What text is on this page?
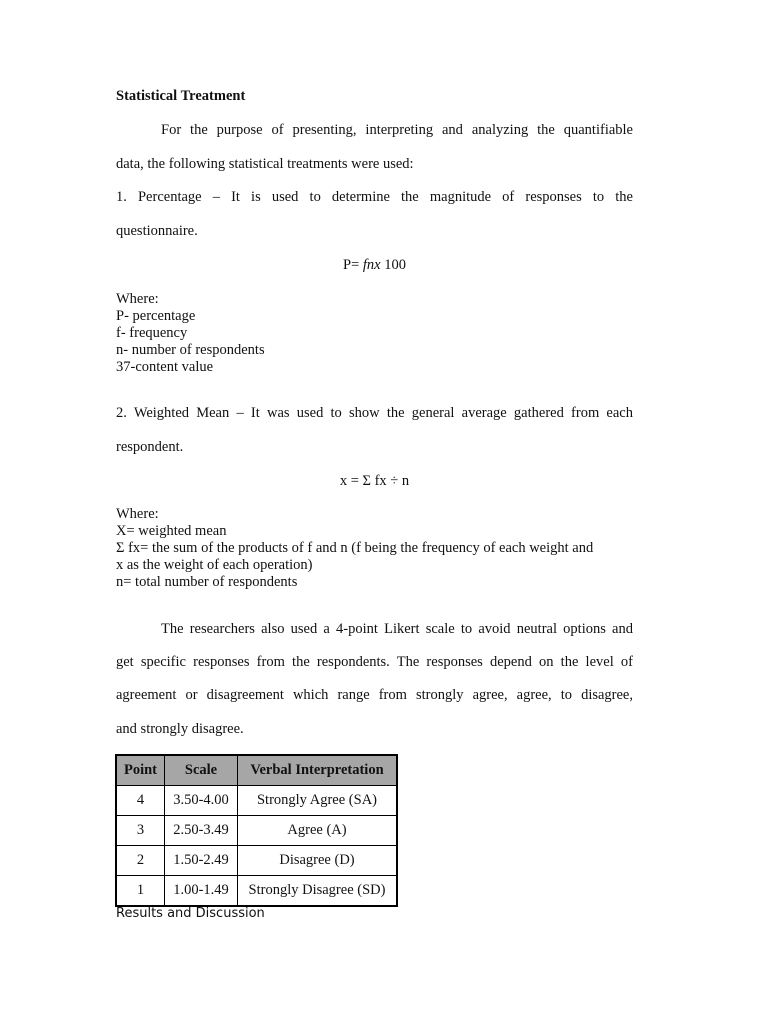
Statistical Treatment
For the purpose of presenting, interpreting and analyzing the quantifiable
data, the following statistical treatments were used:
1. Percentage – It is used to determine the magnitude of responses to the
questionnaire.
P= fnx 100
Where:
P- percentage
f- frequency
n- number of respondents
37-content value
2. Weighted Mean – It was used to show the general average gathered from each
respondent.
x = Σ fx ÷ n
Where:
X= weighted mean
Σ fx= the sum of the products of f and n (f being the frequency of each weight and
x as the weight of each operation)
n= total number of respondents
The researchers also used a 4-point Likert scale to avoid neutral options and
get specific responses from the respondents. The responses depend on the level of
agreement or disagreement which range from strongly agree, agree, to disagree,
and strongly disagree.
Point	Scale	Verbal Interpretation
4	3.50-4.00	Strongly Agree (SA)
3	2.50-3.49	Agree (A)
2	1.50-2.49	Disagree (D)
1	1.00-1.49	Strongly Disagree (SD)
Results and Discussion
